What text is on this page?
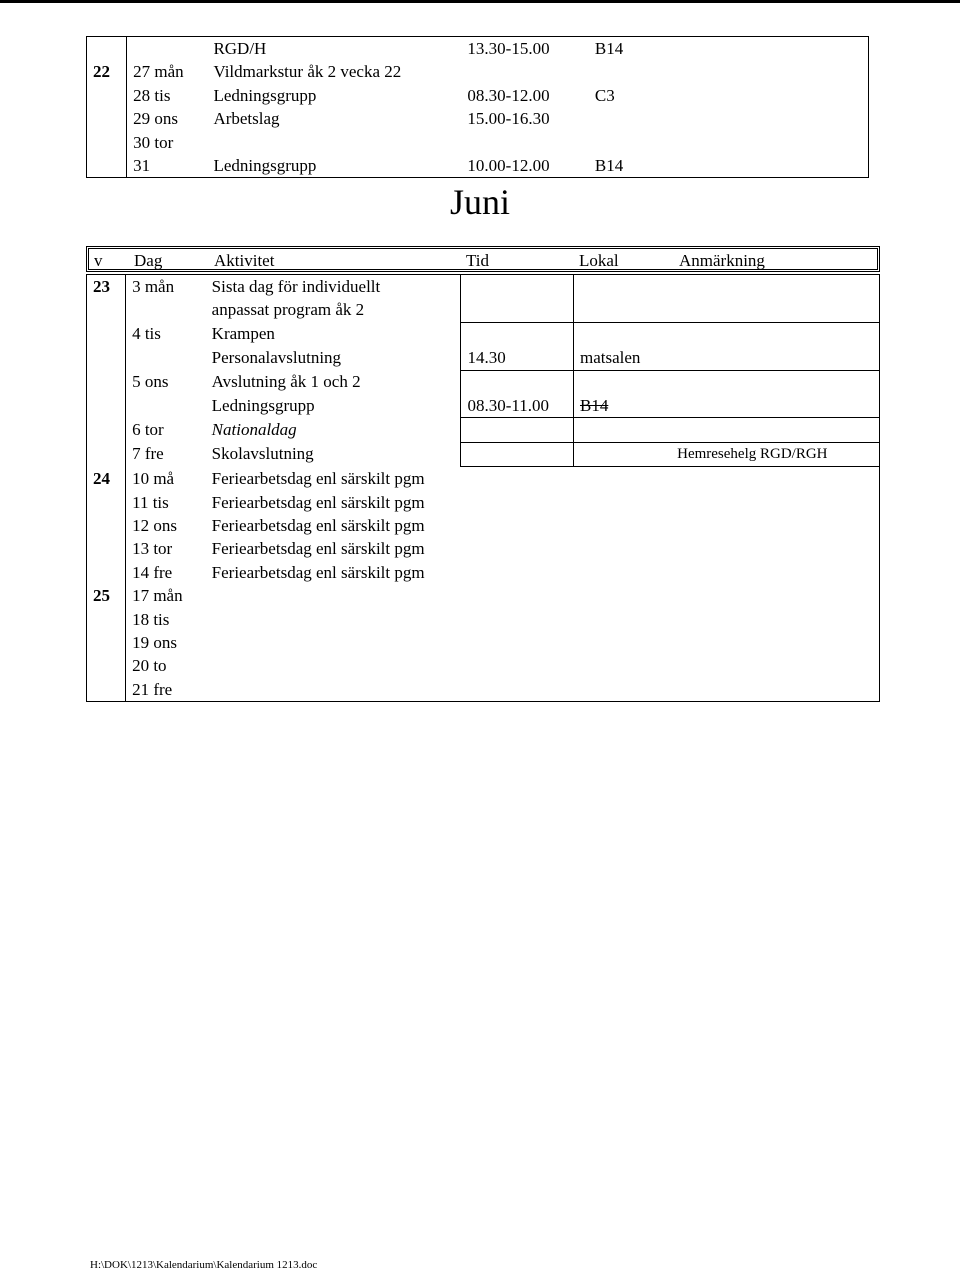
		RGD/H	13.30-15.00	B14	
22	27 mån	Vildmarkstur åk 2 vecka 22			
	28 tis	Ledningsgrupp	08.30-12.00	C3	
	29 ons	Arbetslag	15.00-16.30		
	30 tor				
	31	Ledningsgrupp	10.00-12.00	B14	
Juni
v Dag	Aktivitet	Tid	Lokal	Anmärkning
23	3 mån	Sista dag för individuellt			
		anpassat program åk 2			
	4 tis	Krampen			
		Personalavslutning	14.30	matsalen	
	5 ons	Avslutning åk 1 och 2			
		Ledningsgrupp	08.30-11.00	B14	
	6 tor	Nationaldag			
	7 fre	Skolavslutning			Hemresehelg RGD/RGH
24	10 må	Feriearbetsdag enl särskilt pgm			
	11 tis	Feriearbetsdag enl särskilt pgm			
	12 ons	Feriearbetsdag enl särskilt pgm			
	13 tor	Feriearbetsdag enl särskilt pgm			
	14 fre	Feriearbetsdag enl särskilt pgm			
25	17 mån				
	18 tis				
	19 ons				
	20 to				
	21 fre				
H:\DOK\1213\Kalendarium\Kalendarium 1213.doc
